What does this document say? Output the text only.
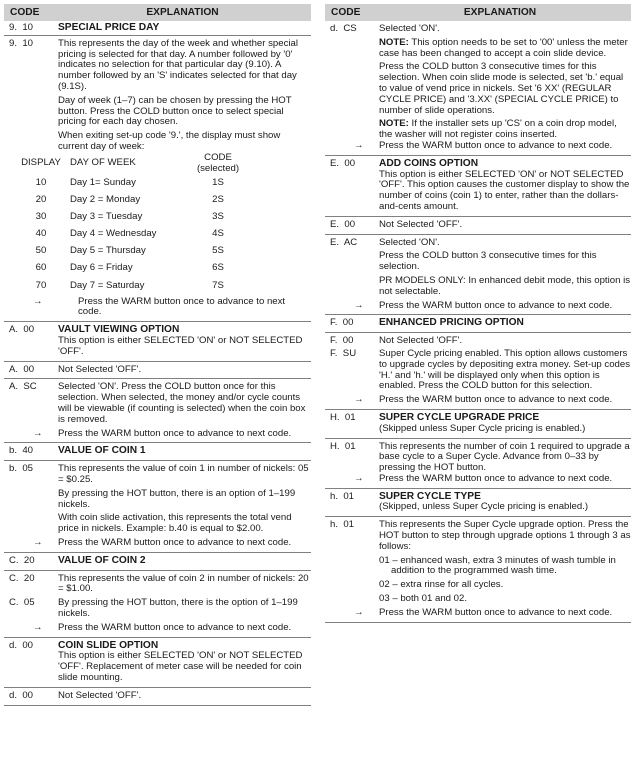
CODE	EXPLANATION
9.  10 SPECIAL PRICE DAY
9.  10	This represents the day of the week and whether special pricing is selected for that day. A number followed by '0' indicates no selection for that particular day (9.10). A number followed by an 'S' indicates selected for that day (9.1S).

Day of week (1–7) can be chosen by pressing the HOT button. Press the COLD button once to select special pricing for each day chosen.

When exiting set-up code '9.', the display must show current day of week:

DISPLAY	DAY OF WEEK	CODE (selected)
10	Day 1= Sunday	1S
20	Day 2 = Monday	2S
30	Day 3 = Tuesday	3S
40	Day 4 = Wednesday	4S
50	Day 5 = Thursday	5S
60	Day 6 = Friday	6S
70	Day 7 = Saturday	7S
→	Press the WARM button once to advance to next code.
A.  00 VAULT VIEWING OPTION

This option is either SELECTED 'ON' or NOT SELECTED 'OFF'.

A.  00 Not Selected 'OFF'.

A.  SC Selected 'ON'. Press the COLD button once for this selection. When selected, the money and/or cycle counts will be viewable (if counting is selected) when the coin box is removed.

→ Press the WARM button once to advance to next code.
b.  40 VALUE OF COIN 1
b.  05	This represents the value of coin 1 in number of nickels: 05 = $0.25.

By pressing the HOT button, there is an option of 1–199 nickels.

With coin slide activation, this represents the total vend price in nickels. Example: b.40 is equal to $2.00.

→ Press the WARM button once to advance to next code.
C.  20 VALUE OF COIN 2
C.  20 This represents the value of coin 2 in number of nickels: 20 = $1.00.

C.  05 By pressing the HOT button, there is the option of 1–199 nickels.

→ Press the WARM button once to advance to next code.
d.  00 COIN SLIDE OPTION

This option is either SELECTED 'ON' or NOT SELECTED 'OFF'. Replacement of meter case will be needed for coin slide mounting.

d.  00	Not Selected 'OFF'.

CODE	EXPLANATION
d.  CS Selected 'ON'.

NOTE: This option needs to be set to '00' unless the meter case has been changed to accept a coin slide device.

Press the COLD button 3 consecutive times for this selection. When coin slide mode is selected, set 'b.' equal to value of vend price in nickels. Set '6 XX' (REGULAR CYCLE PRICE) and '3.XX' (SPECIAL CYCLE PRICE) to number of slide operations.

NOTE: If the installer sets up 'CS' on a coin drop model, the washer will not register coins inserted.

→ Press the WARM button once to advance to next code.
E.  00 ADD COINS OPTION

This option is either SELECTED 'ON' or NOT SELECTED 'OFF'. This option causes the customer display to show the number of coins (coin 1) to enter, rather than the dollars-and-cents amount.

E.  00 Not Selected 'OFF'.

E.  AC Selected 'ON'.

Press the COLD button 3 consecutive times for this selection.

PR MODELS ONLY: In enhanced debit mode, this option is not selectable.

→ Press the WARM button once to advance to next code.
F.  00	ENHANCED PRICING OPTION
F.  00	Not Selected 'OFF'.

F.  SU Super Cycle pricing enabled. This option allows customers to upgrade cycles by depositing extra money. Set-up codes 'H.' and 'h.' will be displayed only when this option is enabled. Press the COLD button for this selection.

→ Press the WARM button once to advance to next code.
H.  01 SUPER CYCLE UPGRADE PRICE

(Skipped unless Super Cycle pricing is enabled.)

H.  01 This represents the number of coin 1 required to upgrade a base cycle to a Super Cycle. Advance from 0–33 by pressing the HOT button.

→ Press the WARM button once to advance to next code.
h.  01 SUPER CYCLE TYPE

(Skipped, unless Super Cycle pricing is enabled.)

h.  01	This represents the Super Cycle upgrade option. Press the HOT button to step through upgrade options 1 through 3 as follows:

01 – enhanced wash, extra 3 minutes of wash tumble in addition to the programmed wash time.

02 – extra rinse for all cycles.

03 – both 01 and 02.

→ Press the WARM button once to advance to next code.
